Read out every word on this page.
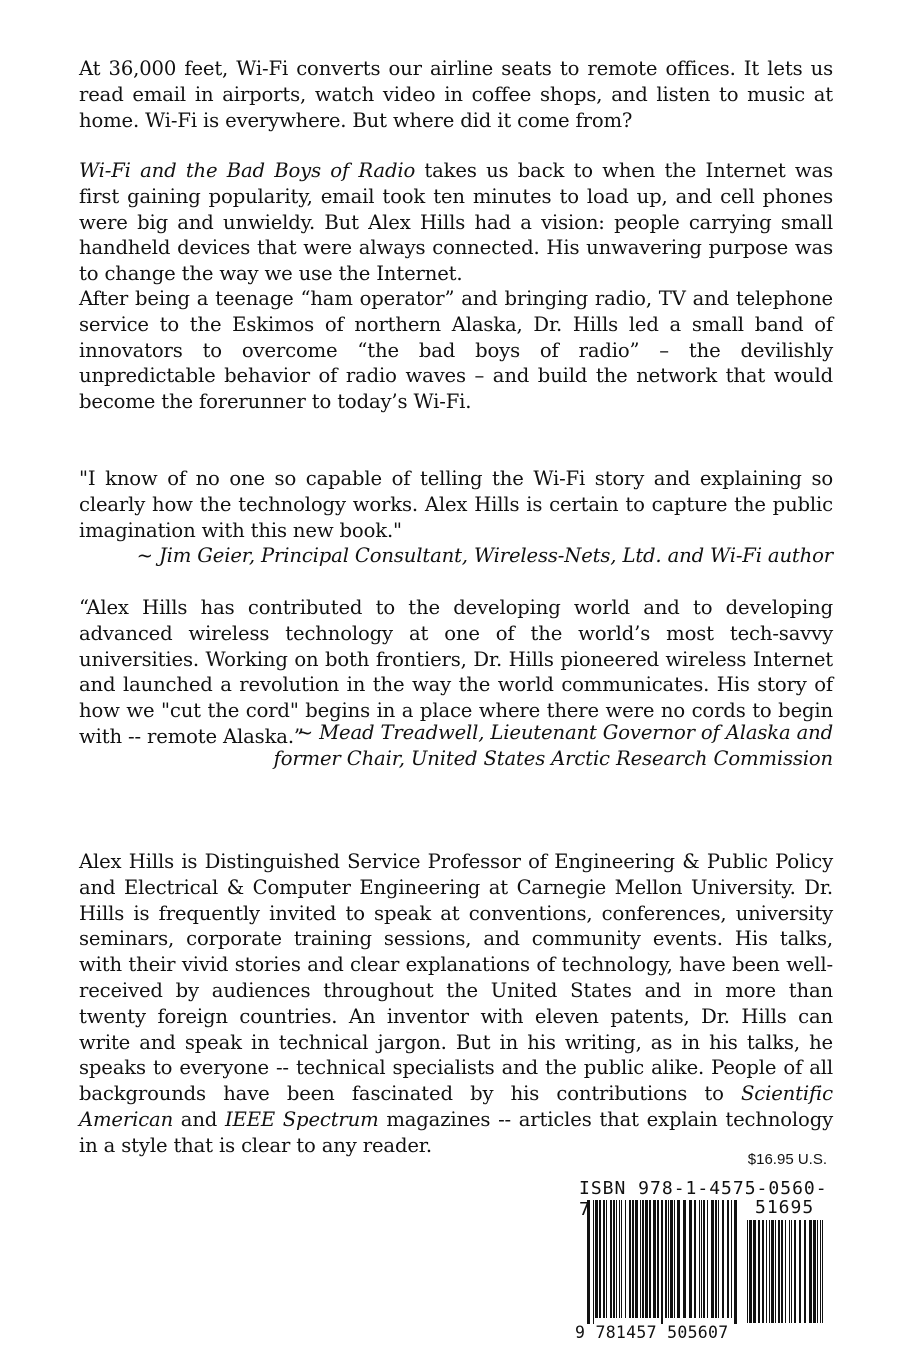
At 36,000 feet, Wi-Fi converts our airline seats to remote offices. It lets us read email in airports, watch video in coffee shops, and listen to music at home. Wi-Fi is everywhere. But where did it come from?

Wi-Fi and the Bad Boys of Radio takes us back to when the Internet was first gaining popularity, email took ten minutes to load up, and cell phones were big and unwieldy. But Alex Hills had a vision: people carrying small handheld devices that were always connected. His unwavering purpose was to change the way we use the Internet.

After being a teenage “ham operator” and bringing radio, TV and telephone service to the Eskimos of northern Alaska, Dr. Hills led a small band of innovators to overcome “the bad boys of radio” – the devilishly unpredictable behavior of radio waves – and build the network that would become the forerunner to today’s Wi-Fi.

"I know of no one so capable of telling the Wi-Fi story and explaining so clearly how the technology works. Alex Hills is certain to capture the public imagination with this new book."

~ Jim Geier, Principal Consultant, Wireless-Nets, Ltd. and Wi-Fi author

“Alex Hills has contributed to the developing world and to developing advanced wireless technology at one of the world’s most tech-savvy universities. Working on both frontiers, Dr. Hills pioneered wireless Internet and launched a revolution in the way the world communicates. His story of how we "cut the cord" begins in a place where there were no cords to begin with -- remote Alaska.”

~ Mead Treadwell, Lieutenant Governor of Alaska and
former Chair, United States Arctic Research Commission

Alex Hills is Distinguished Service Professor of Engineering & Public Policy and Electrical & Computer Engineering at Carnegie Mellon University. Dr. Hills is frequently invited to speak at conventions, conferences, university seminars, corporate training sessions, and community events. His talks, with their vivid stories and clear explanations of technology, have been well-received by audiences throughout the United States and in more than twenty foreign countries. An inventor with eleven patents, Dr. Hills can write and speak in technical jargon. But in his writing, as in his talks, he speaks to everyone -- technical specialists and the public alike. People of all backgrounds have been fascinated by his contributions to Scientific American and IEEE Spectrum magazines -- articles that explain technology in a style that is clear to any reader.

$16.95 U.S.
ISBN 978-1-4575-0560-7	51695
9 781457 505607
